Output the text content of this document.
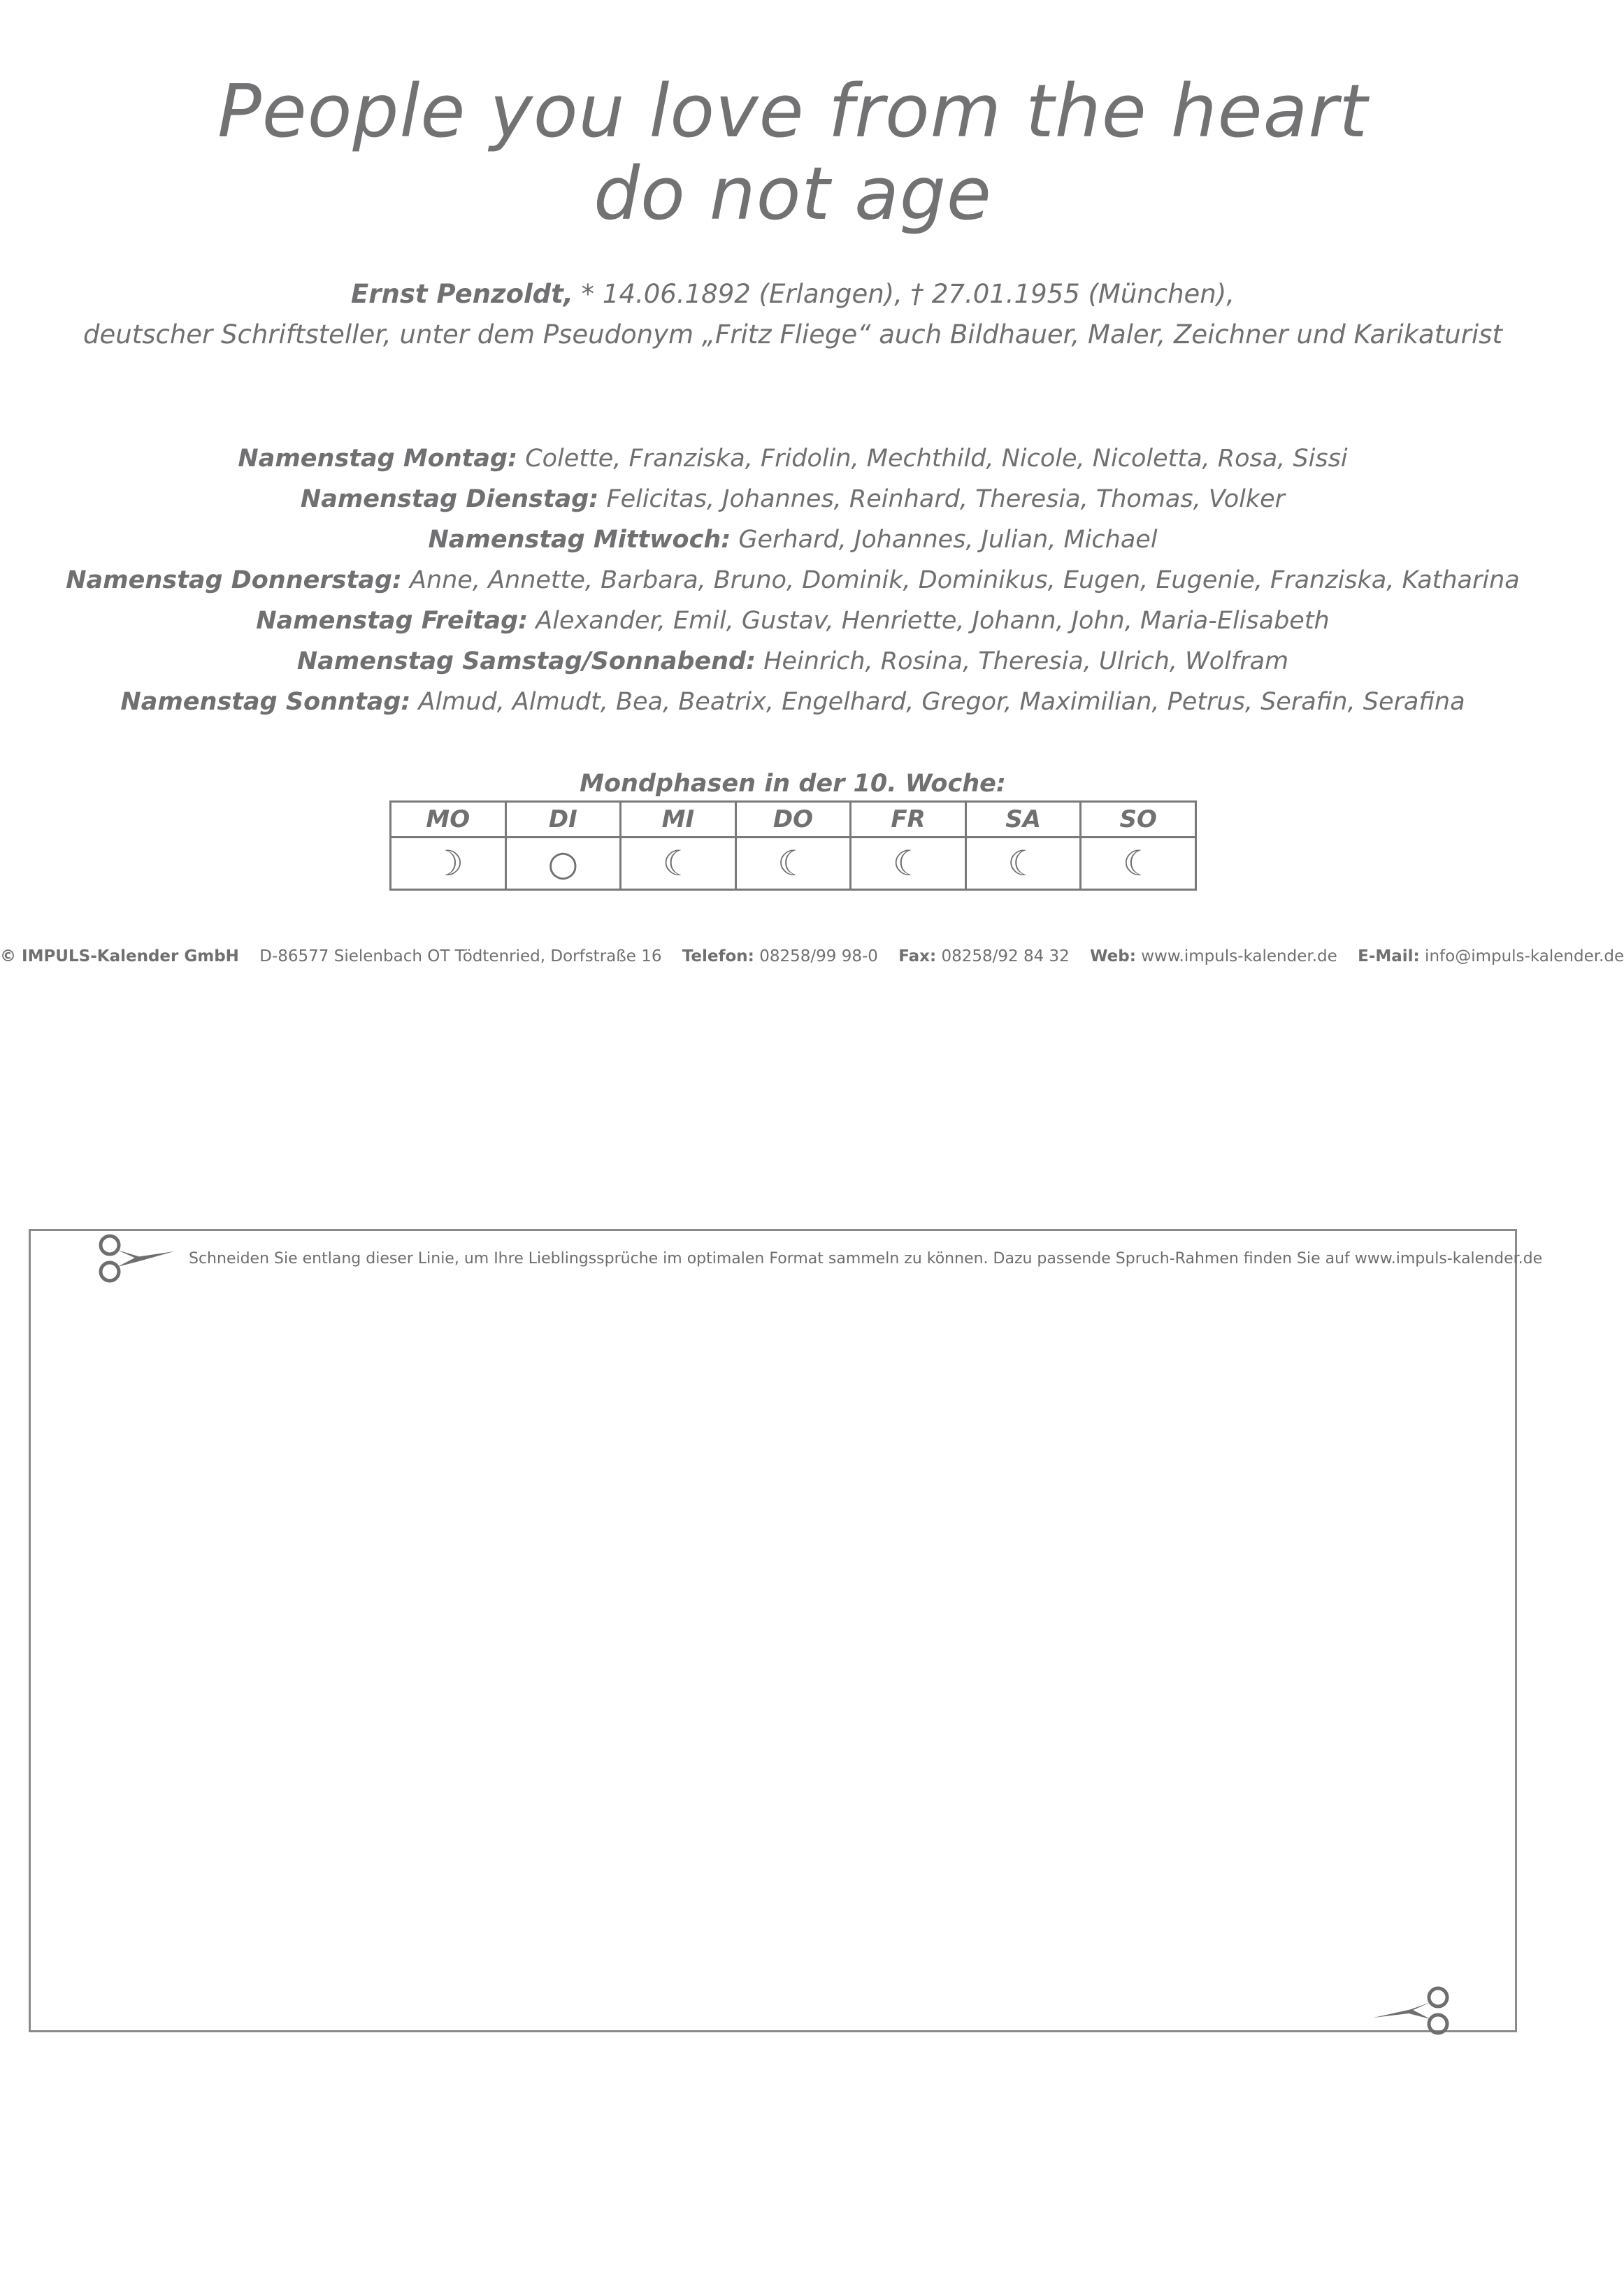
People you love from the heart
do not age
Ernst Penzoldt, * 14.06.1892 (Erlangen), † 27.01.1955 (München),
deutscher Schriftsteller, unter dem Pseudonym „Fritz Fliege“ auch Bildhauer, Maler, Zeichner und Karikaturist
Namenstag Montag: Colette, Franziska, Fridolin, Mechthild, Nicole, Nicoletta, Rosa, Sissi
Namenstag Dienstag: Felicitas, Johannes, Reinhard, Theresia, Thomas, Volker
Namenstag Mittwoch: Gerhard, Johannes, Julian, Michael
Namenstag Donnerstag: Anne, Annette, Barbara, Bruno, Dominik, Dominikus, Eugen, Eugenie, Franziska, Katharina
Namenstag Freitag: Alexander, Emil, Gustav, Henriette, Johann, John, Maria-Elisabeth
Namenstag Samstag/Sonnabend: Heinrich, Rosina, Theresia, Ulrich, Wolfram
Namenstag Sonntag: Almud, Almudt, Bea, Beatrix, Engelhard, Gregor, Maximilian, Petrus, Serafin, Serafina
Mondphasen in der 10. Woche:
MO	DI	MI	DO	FR	SA	SO
☽	○	☾	☾	☾	☾	☾
© IMPULS-Kalender GmbH D-86577 Sielenbach OT Tödtenried, Dorfstraße 16 Telefon: 08258/99 98-0 Fax: 08258/92 84 32 Web: www.impuls-kalender.de E-Mail: info@impuls-kalender.de
Schneiden Sie entlang dieser Linie, um Ihre Lieblingssprüche im optimalen Format sammeln zu können. Dazu passende Spruch-Rahmen finden Sie auf www.impuls-kalender.de
